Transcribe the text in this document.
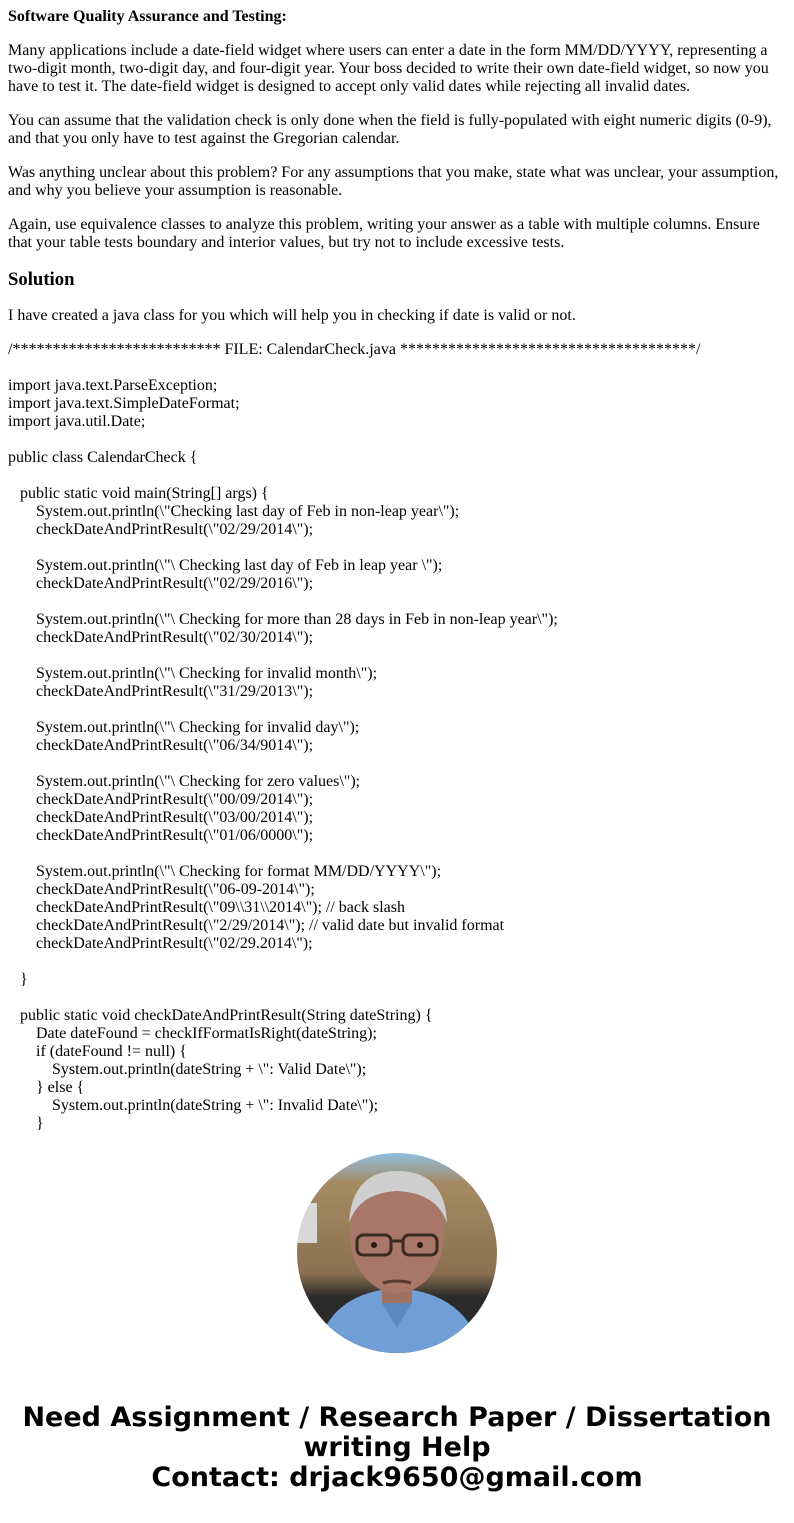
Software Quality Assurance and Testing:

Many applications include a date-field widget where users can enter a date in the form MM/DD/YYYY, representing a two-digit month, two-digit day, and four-digit year. Your boss decided to write their own date-field widget, so now you have to test it. The date-field widget is designed to accept only valid dates while rejecting all invalid dates.

You can assume that the validation check is only done when the field is fully-populated with eight numeric digits (0-9), and that you only have to test against the Gregorian calendar.

Was anything unclear about this problem? For any assumptions that you make, state what was unclear, your assumption, and why you believe your assumption is reasonable.

Again, use equivalence classes to analyze this problem, writing your answer as a table with multiple columns. Ensure that your table tests boundary and interior values, but try not to include excessive tests.

Solution

I have created a java class for you which will help you in checking if date is valid or not.

/************************** FILE: CalendarCheck.java *************************************/
import java.text.ParseException;
import java.text.SimpleDateFormat;
import java.util.Date;
public class CalendarCheck {
public static void main(String[] args) {
System.out.println(\"Checking last day of Feb in non-leap year\");
checkDateAndPrintResult(\"02/29/2014\");
System.out.println(\"\ Checking last day of Feb in leap year \");
checkDateAndPrintResult(\"02/29/2016\");
System.out.println(\"\ Checking for more than 28 days in Feb in non-leap year\");
checkDateAndPrintResult(\"02/30/2014\");
System.out.println(\"\ Checking for invalid month\");
checkDateAndPrintResult(\"31/29/2013\");
System.out.println(\"\ Checking for invalid day\");
checkDateAndPrintResult(\"06/34/9014\");
System.out.println(\"\ Checking for zero values\");
checkDateAndPrintResult(\"00/09/2014\");
checkDateAndPrintResult(\"03/00/2014\");
checkDateAndPrintResult(\"01/06/0000\");
System.out.println(\"\ Checking for format MM/DD/YYYY\");
checkDateAndPrintResult(\"06-09-2014\");
checkDateAndPrintResult(\"09\\31\\2014\"); // back slash
checkDateAndPrintResult(\"2/29/2014\"); // valid date but invalid format
checkDateAndPrintResult(\"02/29.2014\");
}
public static void checkDateAndPrintResult(String dateString) {
Date dateFound = checkIfFormatIsRight(dateString);
if (dateFound != null) {
System.out.println(dateString + \": Valid Date\");
} else {
System.out.println(dateString + \": Invalid Date\");
}
Need Assignment / Research Paper / Dissertation
writing Help
Contact: drjack9650@gmail.com
